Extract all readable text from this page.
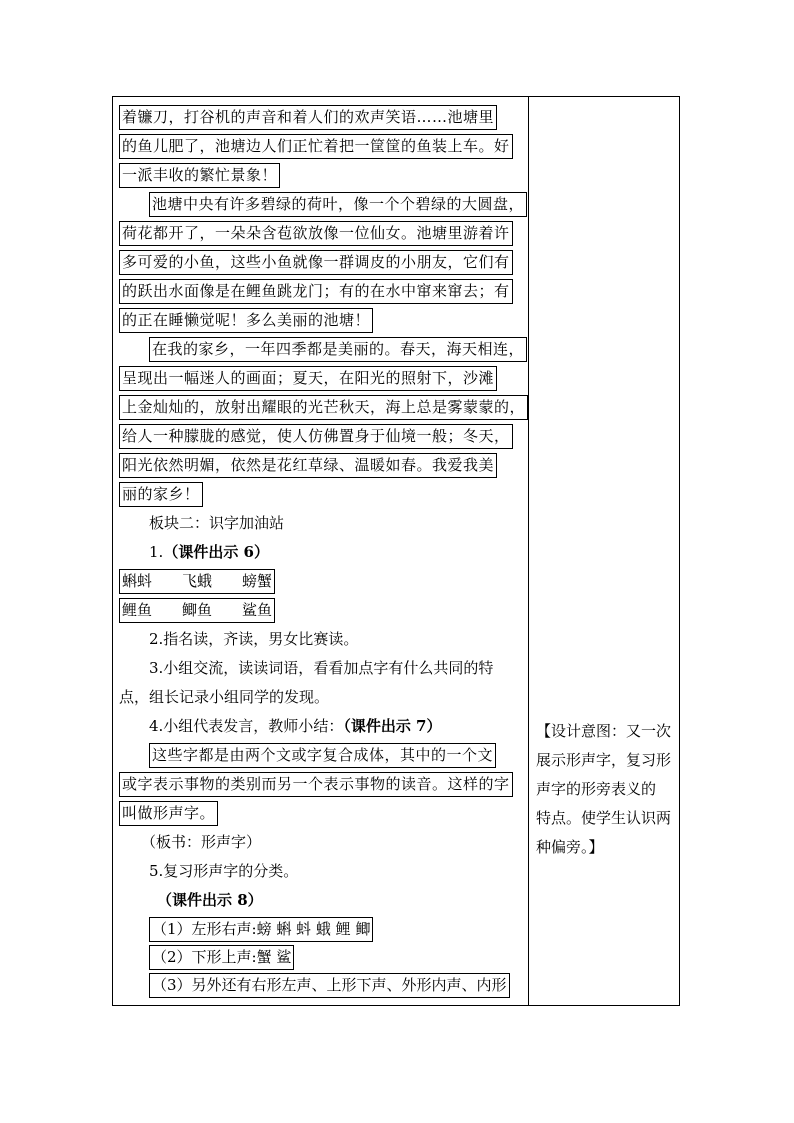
着镰刀，打谷机的声音和着人们的欢声笑语……池塘里
的鱼儿肥了，池塘边人们正忙着把一筐筐的鱼装上车。好
一派丰收的繁忙景象！
池塘中央有许多碧绿的荷叶，像一个个碧绿的大圆盘，
荷花都开了，一朵朵含苞欲放像一位仙女。池塘里游着许
多可爱的小鱼，这些小鱼就像一群调皮的小朋友，它们有
的跃出水面像是在鲤鱼跳龙门；有的在水中窜来窜去；有
的正在睡懒觉呢！多么美丽的池塘！
在我的家乡，一年四季都是美丽的。春天，海天相连，
呈现出一幅迷人的画面；夏天，在阳光的照射下，沙滩
上金灿灿的，放射出耀眼的光芒秋天，海上总是雾蒙蒙的，
给人一种朦胧的感觉，使人仿佛置身于仙境一般；冬天，
阳光依然明媚，依然是花红草绿、温暖如春。我爱我美
丽的家乡！
板块二：识字加油站
1.（课件出示 6）
蝌蚪　　飞蛾　　螃蟹
鲤鱼　　鲫鱼　　鲨鱼
2.指名读，齐读，男女比赛读。
3.小组交流，读读词语，看看加点字有什么共同的特
点，组长记录小组同学的发现。
4.小组代表发言，教师小结：（课件出示 7）
这些字都是由两个文或字复合成体，其中的一个文
或字表示事物的类别而另一个表示事物的读音。这样的字
叫做形声字。
（板书：形声字）
5.复习形声字的分类。
（课件出示 8）
（1）左形右声:螃 蝌 蚪 蛾 鲤 鲫
（2）下形上声:蟹 鲨
（3）另外还有右形左声、上形下声、外形内声、内形
【设计意图：又一次
展示形声字，复习形
声字的形旁表义的
特点。使学生认识两
种偏旁。】
